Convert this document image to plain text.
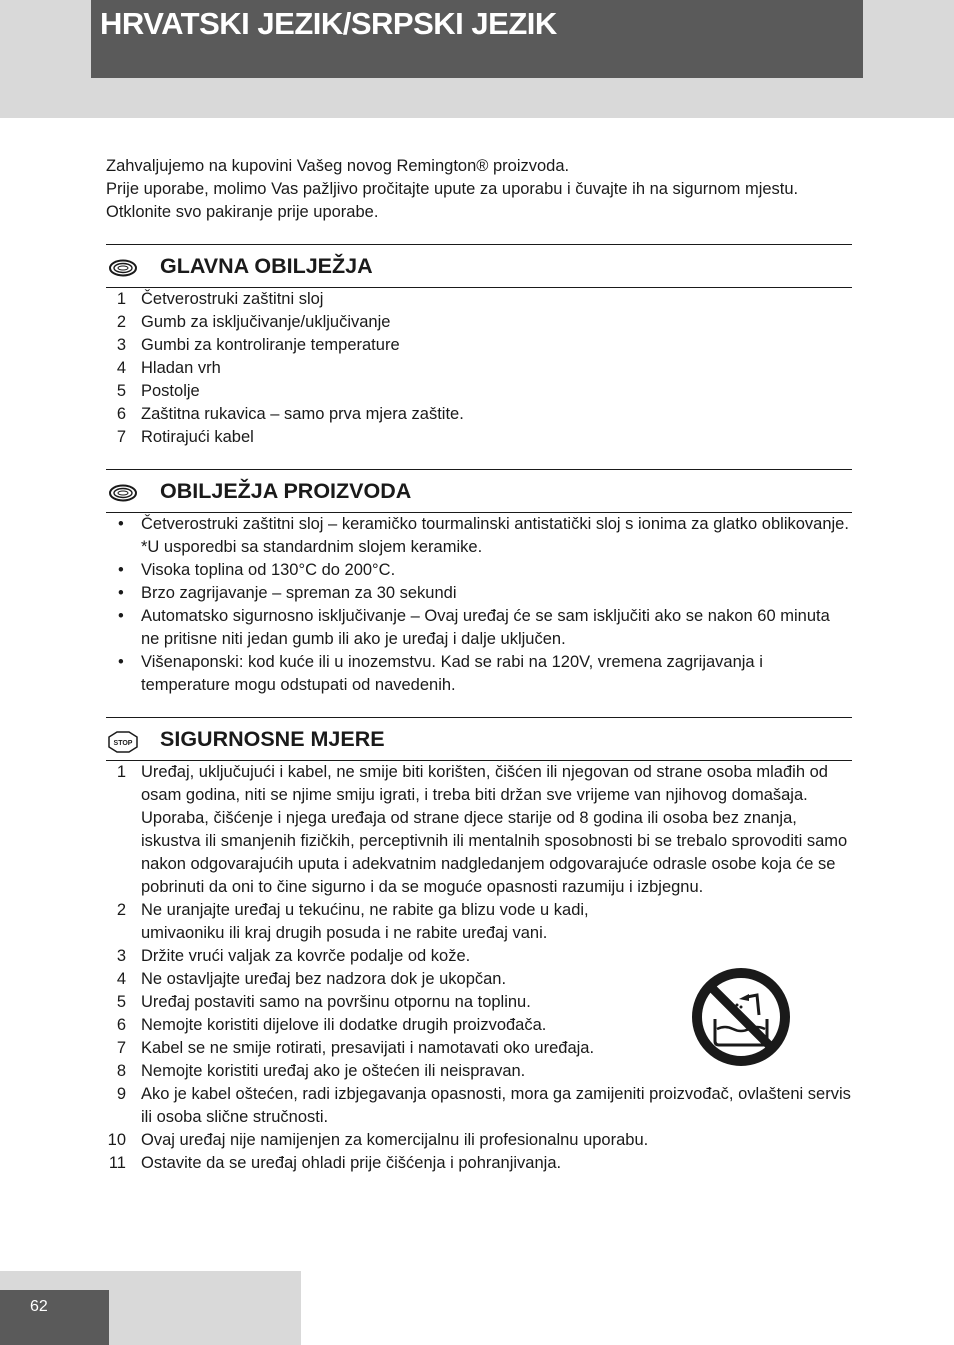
HRVATSKI JEZIK/SRPSKI JEZIK

Zahvaljujemo na kupovini Vašeg novog Remington® proizvoda.

Prije uporabe, molimo Vas pažljivo pročitajte upute za uporabu i čuvajte ih na sigurnom mjestu. Otklonite svo pakiranje prije uporabe.

GLAVNA OBILJEŽJA
1 Četverostruki zaštitni sloj
2 Gumb za isključivanje/uključivanje
3 Gumbi za kontroliranje temperature
4 Hladan vrh
5 Postolje
6 Zaštitna rukavica – samo prva mjera zaštite.
7 Rotirajući kabel
OBILJEŽJA PROIZVODA
• Četverostruki zaštitni sloj – keramičko tourmalinski antistatički sloj s ionima za glatko oblikovanje.
*U usporedbi sa standardnim slojem keramike.
• Visoka toplina od 130°C do 200°C.
• Brzo zagrijavanje – spreman za 30 sekundi
• Automatsko sigurnosno isključivanje – Ovaj uređaj će se sam isključiti ako se nakon 60 minuta ne pritisne niti jedan gumb ili ako je uređaj i dalje uključen.
• Višenaponski: kod kuće ili u inozemstvu. Kad se rabi na 120V, vremena zagrijavanja i temperature mogu odstupati od navedenih.
STOP SIGURNOSNE MJERE
1 Uređaj, uključujući i kabel, ne smije biti korišten, čišćen ili njegovan od strane osoba mlađih od osam godina, niti se njime smiju igrati, i treba biti držan sve vrijeme van njihovog domašaja.
Uporaba, čišćenje i njega uređaja od strane djece starije od 8 godina ili osoba bez znanja, iskustva ili smanjenih fizičkih, perceptivnih ili mentalnih sposobnosti bi se trebalo sprovoditi samo nakon odgovarajućih uputa i adekvatnim nadgledanjem odgovarajuće odrasle osobe koja će se pobrinuti da oni to čine sigurno i da se moguće opasnosti razumiju i izbjegnu.
2 Ne uranjajte uređaj u tekućinu, ne rabite ga blizu vode u kadi, umivaoniku ili kraj drugih posuda i ne rabite uređaj vani.
3 Držite vrući valjak za kovrče podalje od kože.
4 Ne ostavljajte uređaj bez nadzora dok je ukopčan.
5 Uređaj postaviti samo na površinu otpornu na toplinu.
6 Nemojte koristiti dijelove ili dodatke drugih proizvođača.
7 Kabel se ne smije rotirati, presavijati i namotavati oko uređaja.
8 Nemojte koristiti uređaj ako je oštećen ili neispravan.
9 Ako je kabel oštećen, radi izbjegavanja opasnosti, mora ga zamijeniti proizvođač, ovlašteni servis ili osoba slične stručnosti.
10 Ovaj uređaj nije namijenjen za komercijalnu ili profesionalnu uporabu.
11 Ostavite da se uređaj ohladi prije čišćenja i pohranjivanja.
62
